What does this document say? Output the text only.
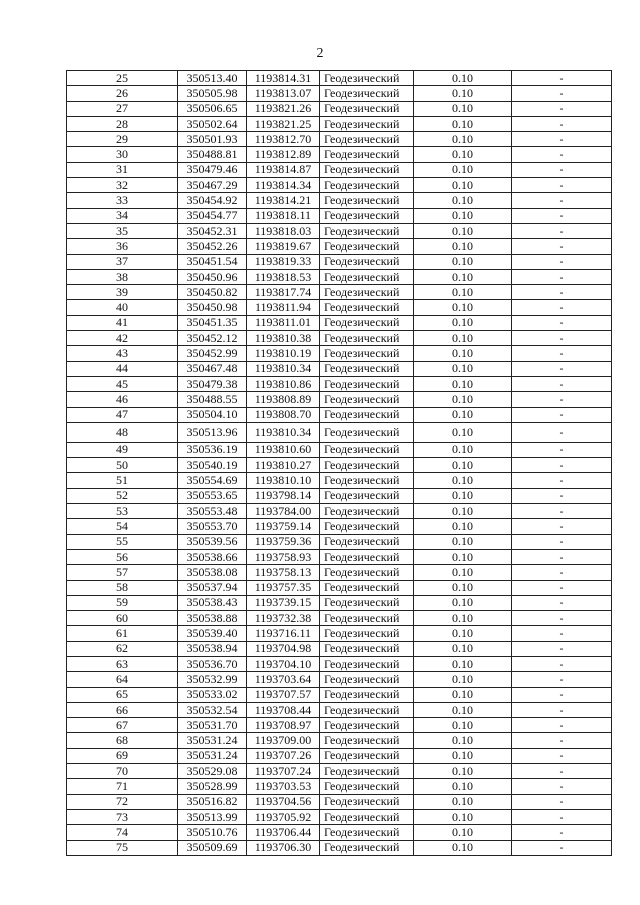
2
25	350513.40	1193814.31	Геодезический	0.10	-
26	350505.98	1193813.07	Геодезический	0.10	-
27	350506.65	1193821.26	Геодезический	0.10	-
28	350502.64	1193821.25	Геодезический	0.10	-
29	350501.93	1193812.70	Геодезический	0.10	-
30	350488.81	1193812.89	Геодезический	0.10	-
31	350479.46	1193814.87	Геодезический	0.10	-
32	350467.29	1193814.34	Геодезический	0.10	-
33	350454.92	1193814.21	Геодезический	0.10	-
34	350454.77	1193818.11	Геодезический	0.10	-
35	350452.31	1193818.03	Геодезический	0.10	-
36	350452.26	1193819.67	Геодезический	0.10	-
37	350451.54	1193819.33	Геодезический	0.10	-
38	350450.96	1193818.53	Геодезический	0.10	-
39	350450.82	1193817.74	Геодезический	0.10	-
40	350450.98	1193811.94	Геодезический	0.10	-
41	350451.35	1193811.01	Геодезический	0.10	-
42	350452.12	1193810.38	Геодезический	0.10	-
43	350452.99	1193810.19	Геодезический	0.10	-
44	350467.48	1193810.34	Геодезический	0.10	-
45	350479.38	1193810.86	Геодезический	0.10	-
46	350488.55	1193808.89	Геодезический	0.10	-
47	350504.10	1193808.70	Геодезический	0.10	-
48	350513.96	1193810.34	Геодезический	0.10	-
49	350536.19	1193810.60	Геодезический	0.10	-
50	350540.19	1193810.27	Геодезический	0.10	-
51	350554.69	1193810.10	Геодезический	0.10	-
52	350553.65	1193798.14	Геодезический	0.10	-
53	350553.48	1193784.00	Геодезический	0.10	-
54	350553.70	1193759.14	Геодезический	0.10	-
55	350539.56	1193759.36	Геодезический	0.10	-
56	350538.66	1193758.93	Геодезический	0.10	-
57	350538.08	1193758.13	Геодезический	0.10	-
58	350537.94	1193757.35	Геодезический	0.10	-
59	350538.43	1193739.15	Геодезический	0.10	-
60	350538.88	1193732.38	Геодезический	0.10	-
61	350539.40	1193716.11	Геодезический	0.10	-
62	350538.94	1193704.98	Геодезический	0.10	-
63	350536.70	1193704.10	Геодезический	0.10	-
64	350532.99	1193703.64	Геодезический	0.10	-
65	350533.02	1193707.57	Геодезический	0.10	-
66	350532.54	1193708.44	Геодезический	0.10	-
67	350531.70	1193708.97	Геодезический	0.10	-
68	350531.24	1193709.00	Геодезический	0.10	-
69	350531.24	1193707.26	Геодезический	0.10	-
70	350529.08	1193707.24	Геодезический	0.10	-
71	350528.99	1193703.53	Геодезический	0.10	-
72	350516.82	1193704.56	Геодезический	0.10	-
73	350513.99	1193705.92	Геодезический	0.10	-
74	350510.76	1193706.44	Геодезический	0.10	-
75	350509.69	1193706.30	Геодезический	0.10	-
